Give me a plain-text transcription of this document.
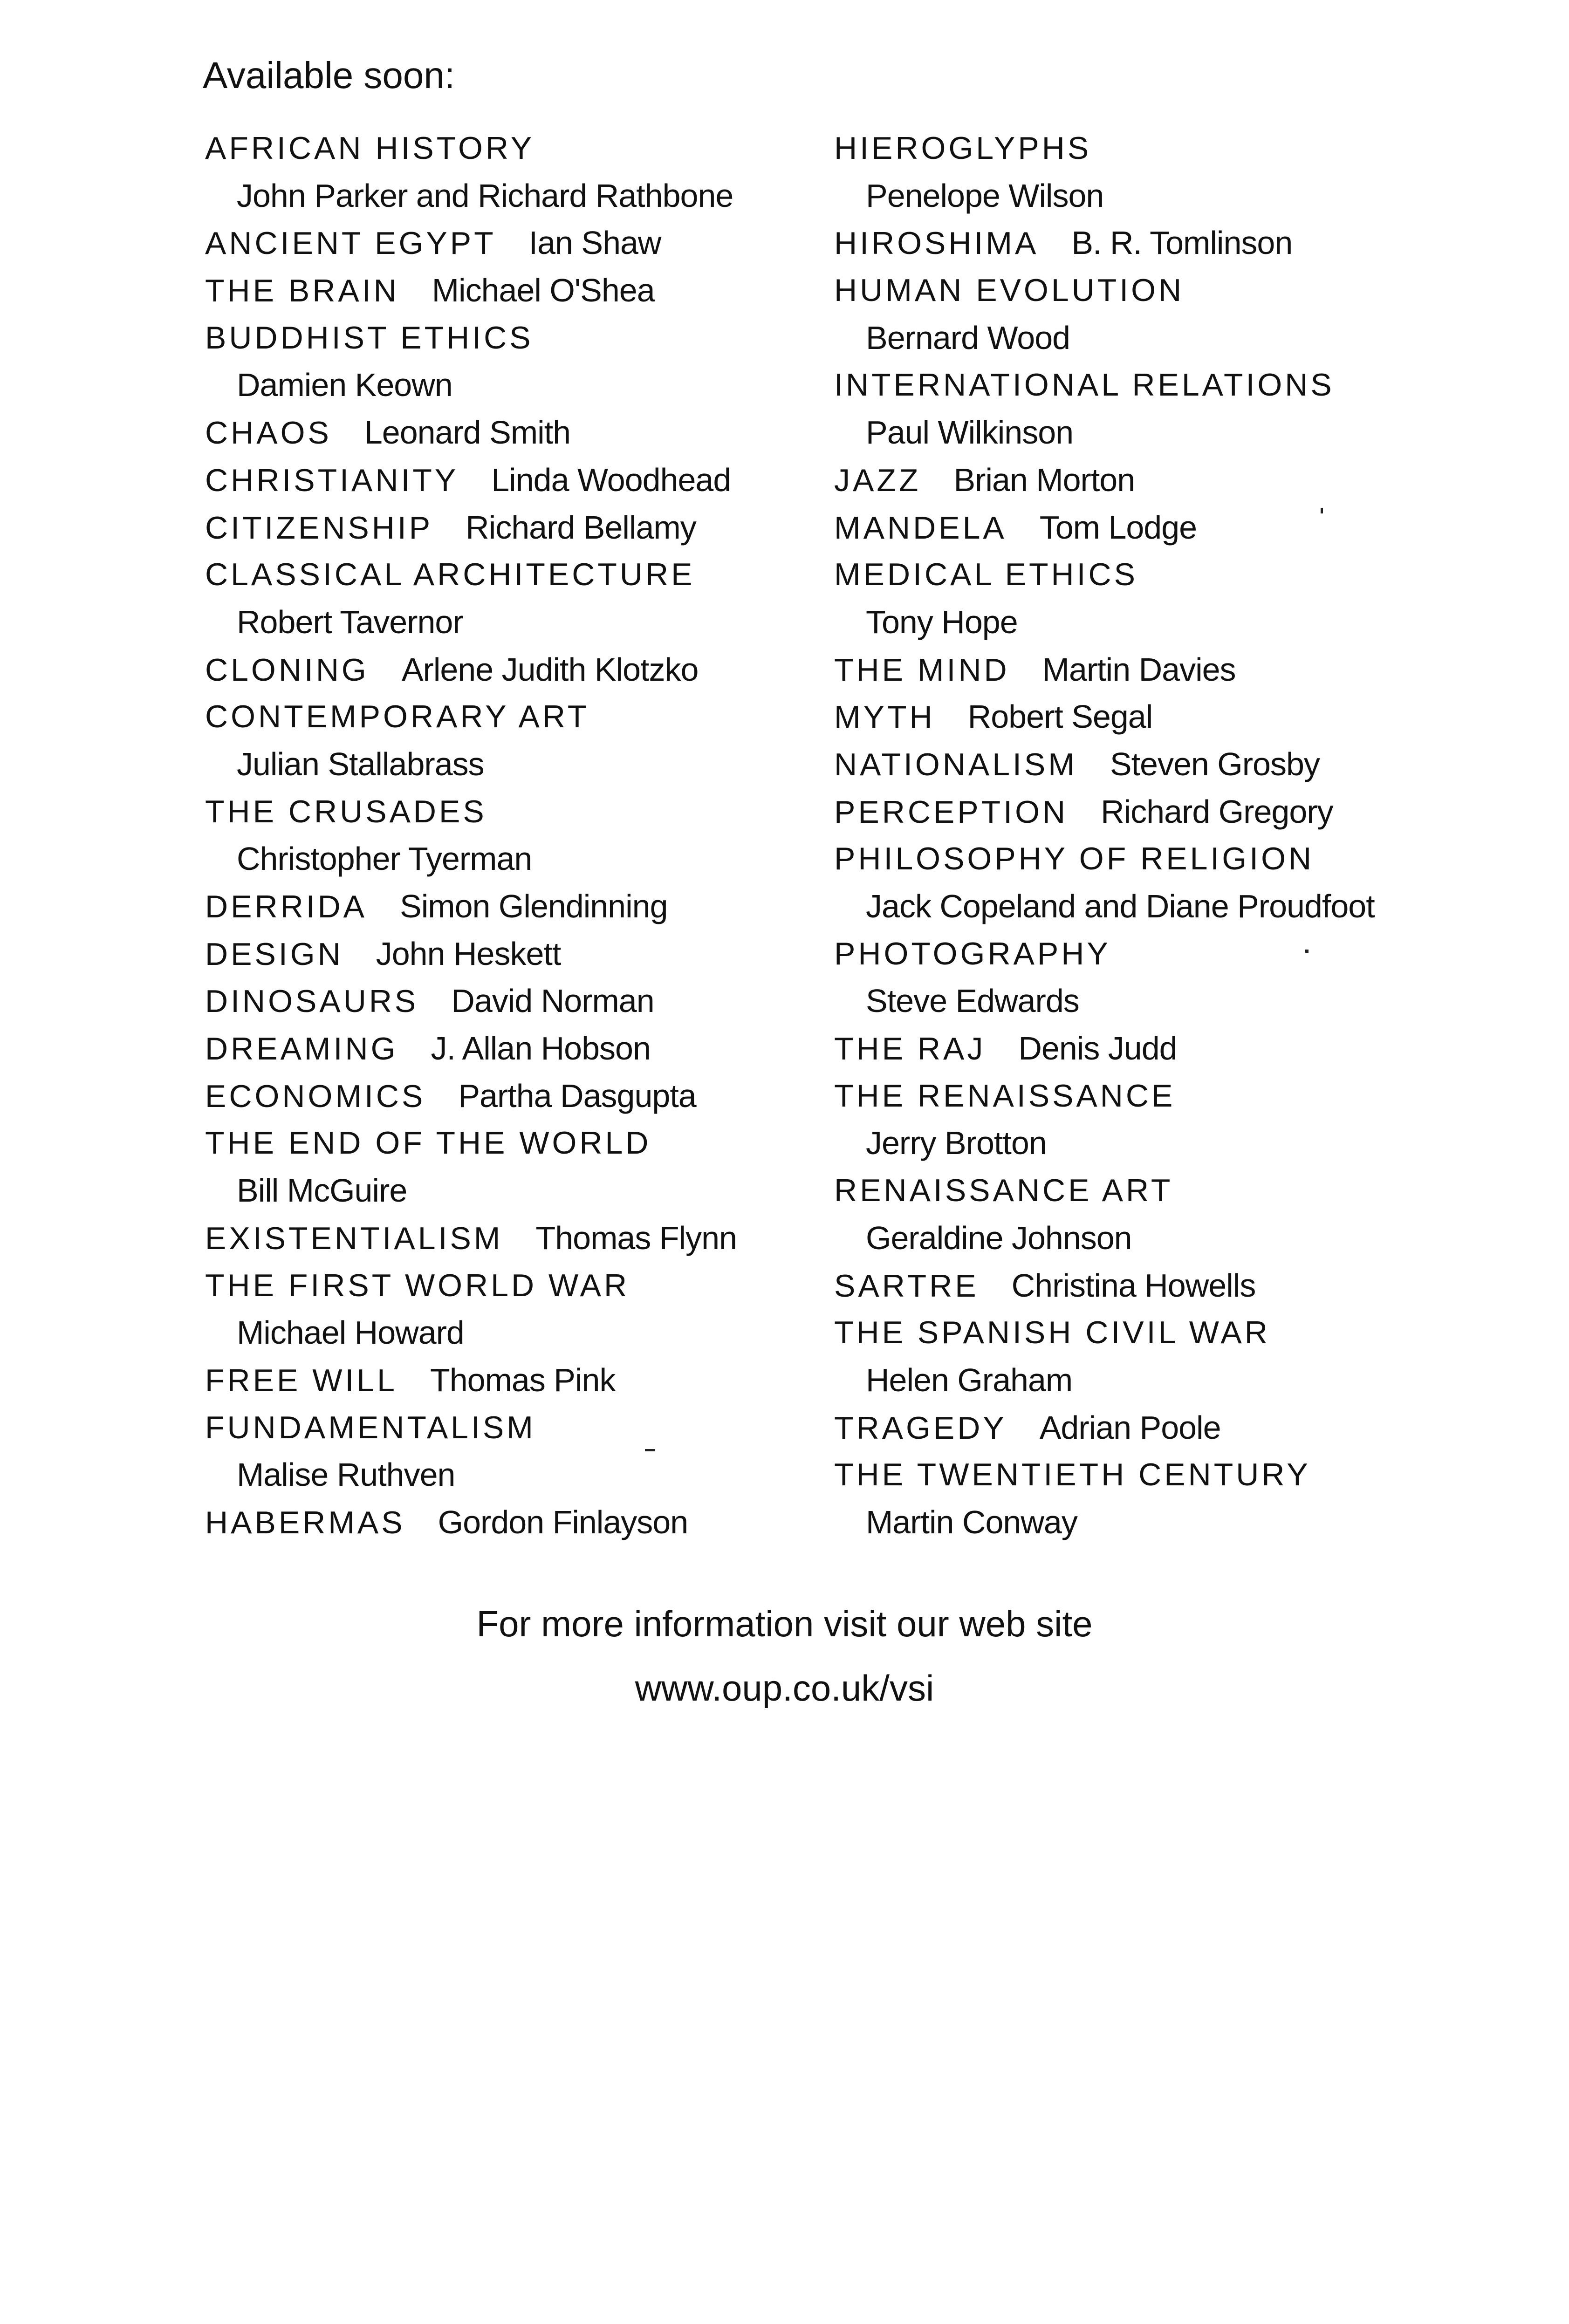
Available soon:
AFRICAN HISTORY
John Parker and Richard Rathbone
ANCIENT EGYPT Ian Shaw
THE BRAIN Michael O'Shea
BUDDHIST ETHICS
Damien Keown
CHAOS Leonard Smith
CHRISTIANITY Linda Woodhead
CITIZENSHIP Richard Bellamy
CLASSICAL ARCHITECTURE
Robert Tavernor
CLONING Arlene Judith Klotzko
CONTEMPORARY ART
Julian Stallabrass
THE CRUSADES
Christopher Tyerman
DERRIDA Simon Glendinning
DESIGN John Heskett
DINOSAURS David Norman
DREAMING J. Allan Hobson
ECONOMICS Partha Dasgupta
THE END OF THE WORLD
Bill McGuire
EXISTENTIALISM Thomas Flynn
THE FIRST WORLD WAR
Michael Howard
FREE WILL Thomas Pink
FUNDAMENTALISM
Malise Ruthven
HABERMAS Gordon Finlayson
HIEROGLYPHS
Penelope Wilson
HIROSHIMA B. R. Tomlinson
HUMAN EVOLUTION
Bernard Wood
INTERNATIONAL RELATIONS
Paul Wilkinson
JAZZ Brian Morton
MANDELA Tom Lodge
MEDICAL ETHICS
Tony Hope
THE MIND Martin Davies
MYTH Robert Segal
NATIONALISM Steven Grosby
PERCEPTION Richard Gregory
PHILOSOPHY OF RELIGION
Jack Copeland and Diane Proudfoot
PHOTOGRAPHY
Steve Edwards
THE RAJ Denis Judd
THE RENAISSANCE
Jerry Brotton
RENAISSANCE ART
Geraldine Johnson
SARTRE Christina Howells
THE SPANISH CIVIL WAR
Helen Graham
TRAGEDY Adrian Poole
THE TWENTIETH CENTURY
Martin Conway
For more information visit our web site
www.oup.co.uk/vsi
